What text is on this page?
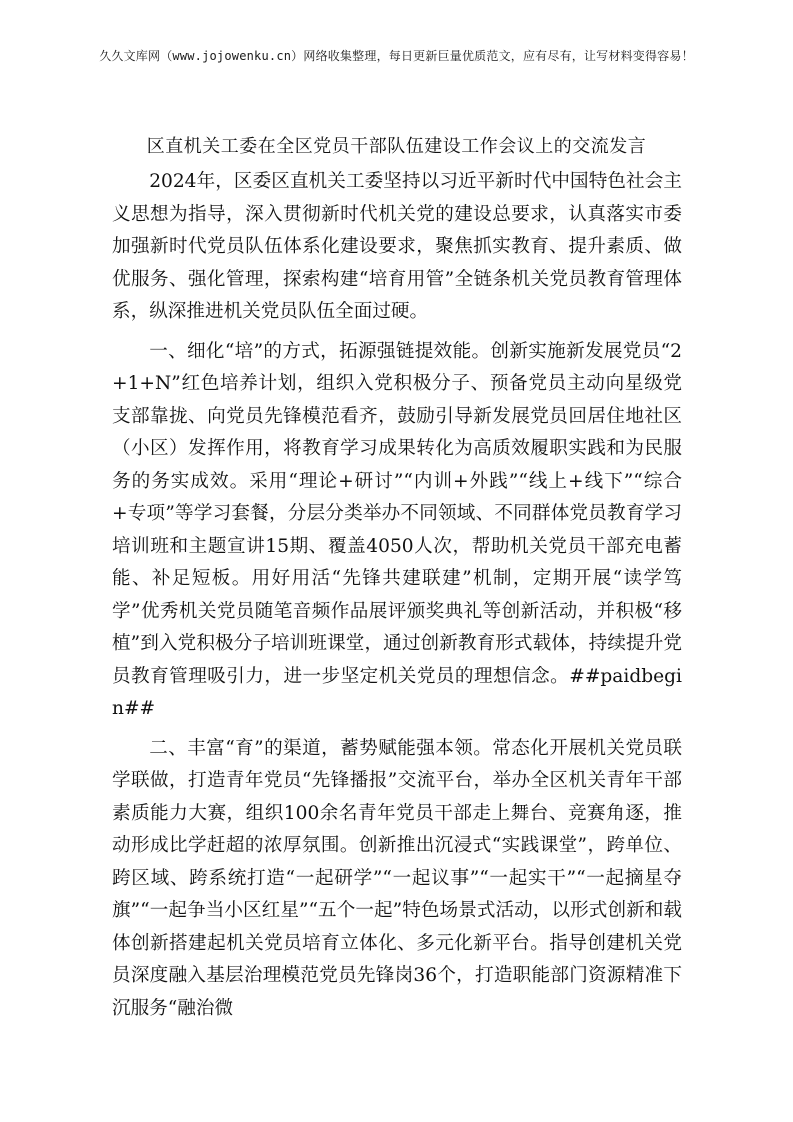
久久文库网（www.jojowenku.cn）网络收集整理，每日更新巨量优质范文，应有尽有，让写材料变得容易！
区直机关工委在全区党员干部队伍建设工作会议上的交流发言

2024年，区委区直机关工委坚持以习近平新时代中国特色社会主义思想为指导，深入贯彻新时代机关党的建设总要求，认真落实市委加强新时代党员队伍体系化建设要求，聚焦抓实教育、提升素质、做优服务、强化管理，探索构建“培育用管”全链条机关党员教育管理体系，纵深推进机关党员队伍全面过硬。

一、细化“培”的方式，拓源强链提效能。创新实施新发展党员“2+1+N”红色培养计划，组织入党积极分子、预备党员主动向星级党支部靠拢、向党员先锋模范看齐，鼓励引导新发展党员回居住地社区（小区）发挥作用，将教育学习成果转化为高质效履职实践和为民服务的务实成效。采用“理论+研讨”“内训+外践”“线上+线下”“综合+专项”等学习套餐，分层分类举办不同领域、不同群体党员教育学习培训班和主题宣讲15期、覆盖4050人次，帮助机关党员干部充电蓄能、补足短板。用好用活“先锋共建联建”机制，定期开展“读学笃学”优秀机关党员随笔音频作品展评颁奖典礼等创新活动，并积极“移植”到入党积极分子培训班课堂，通过创新教育形式载体，持续提升党员教育管理吸引力，进一步坚定机关党员的理想信念。##paidbegin##

二、丰富“育”的渠道，蓄势赋能强本领。常态化开展机关党员联学联做，打造青年党员“先锋播报”交流平台，举办全区机关青年干部素质能力大赛，组织100余名青年党员干部走上舞台、竞赛角逐，推动形成比学赶超的浓厚氛围。创新推出沉浸式“实践课堂”，跨单位、跨区域、跨系统打造“一起研学”“一起议事”“一起实干”“一起摘星夺旗”“一起争当小区红星”“五个一起”特色场景式活动，以形式创新和载体创新搭建起机关党员培育立体化、多元化新平台。指导创建机关党员深度融入基层治理模范党员先锋岗36个，打造职能部门资源精准下沉服务“融治微
